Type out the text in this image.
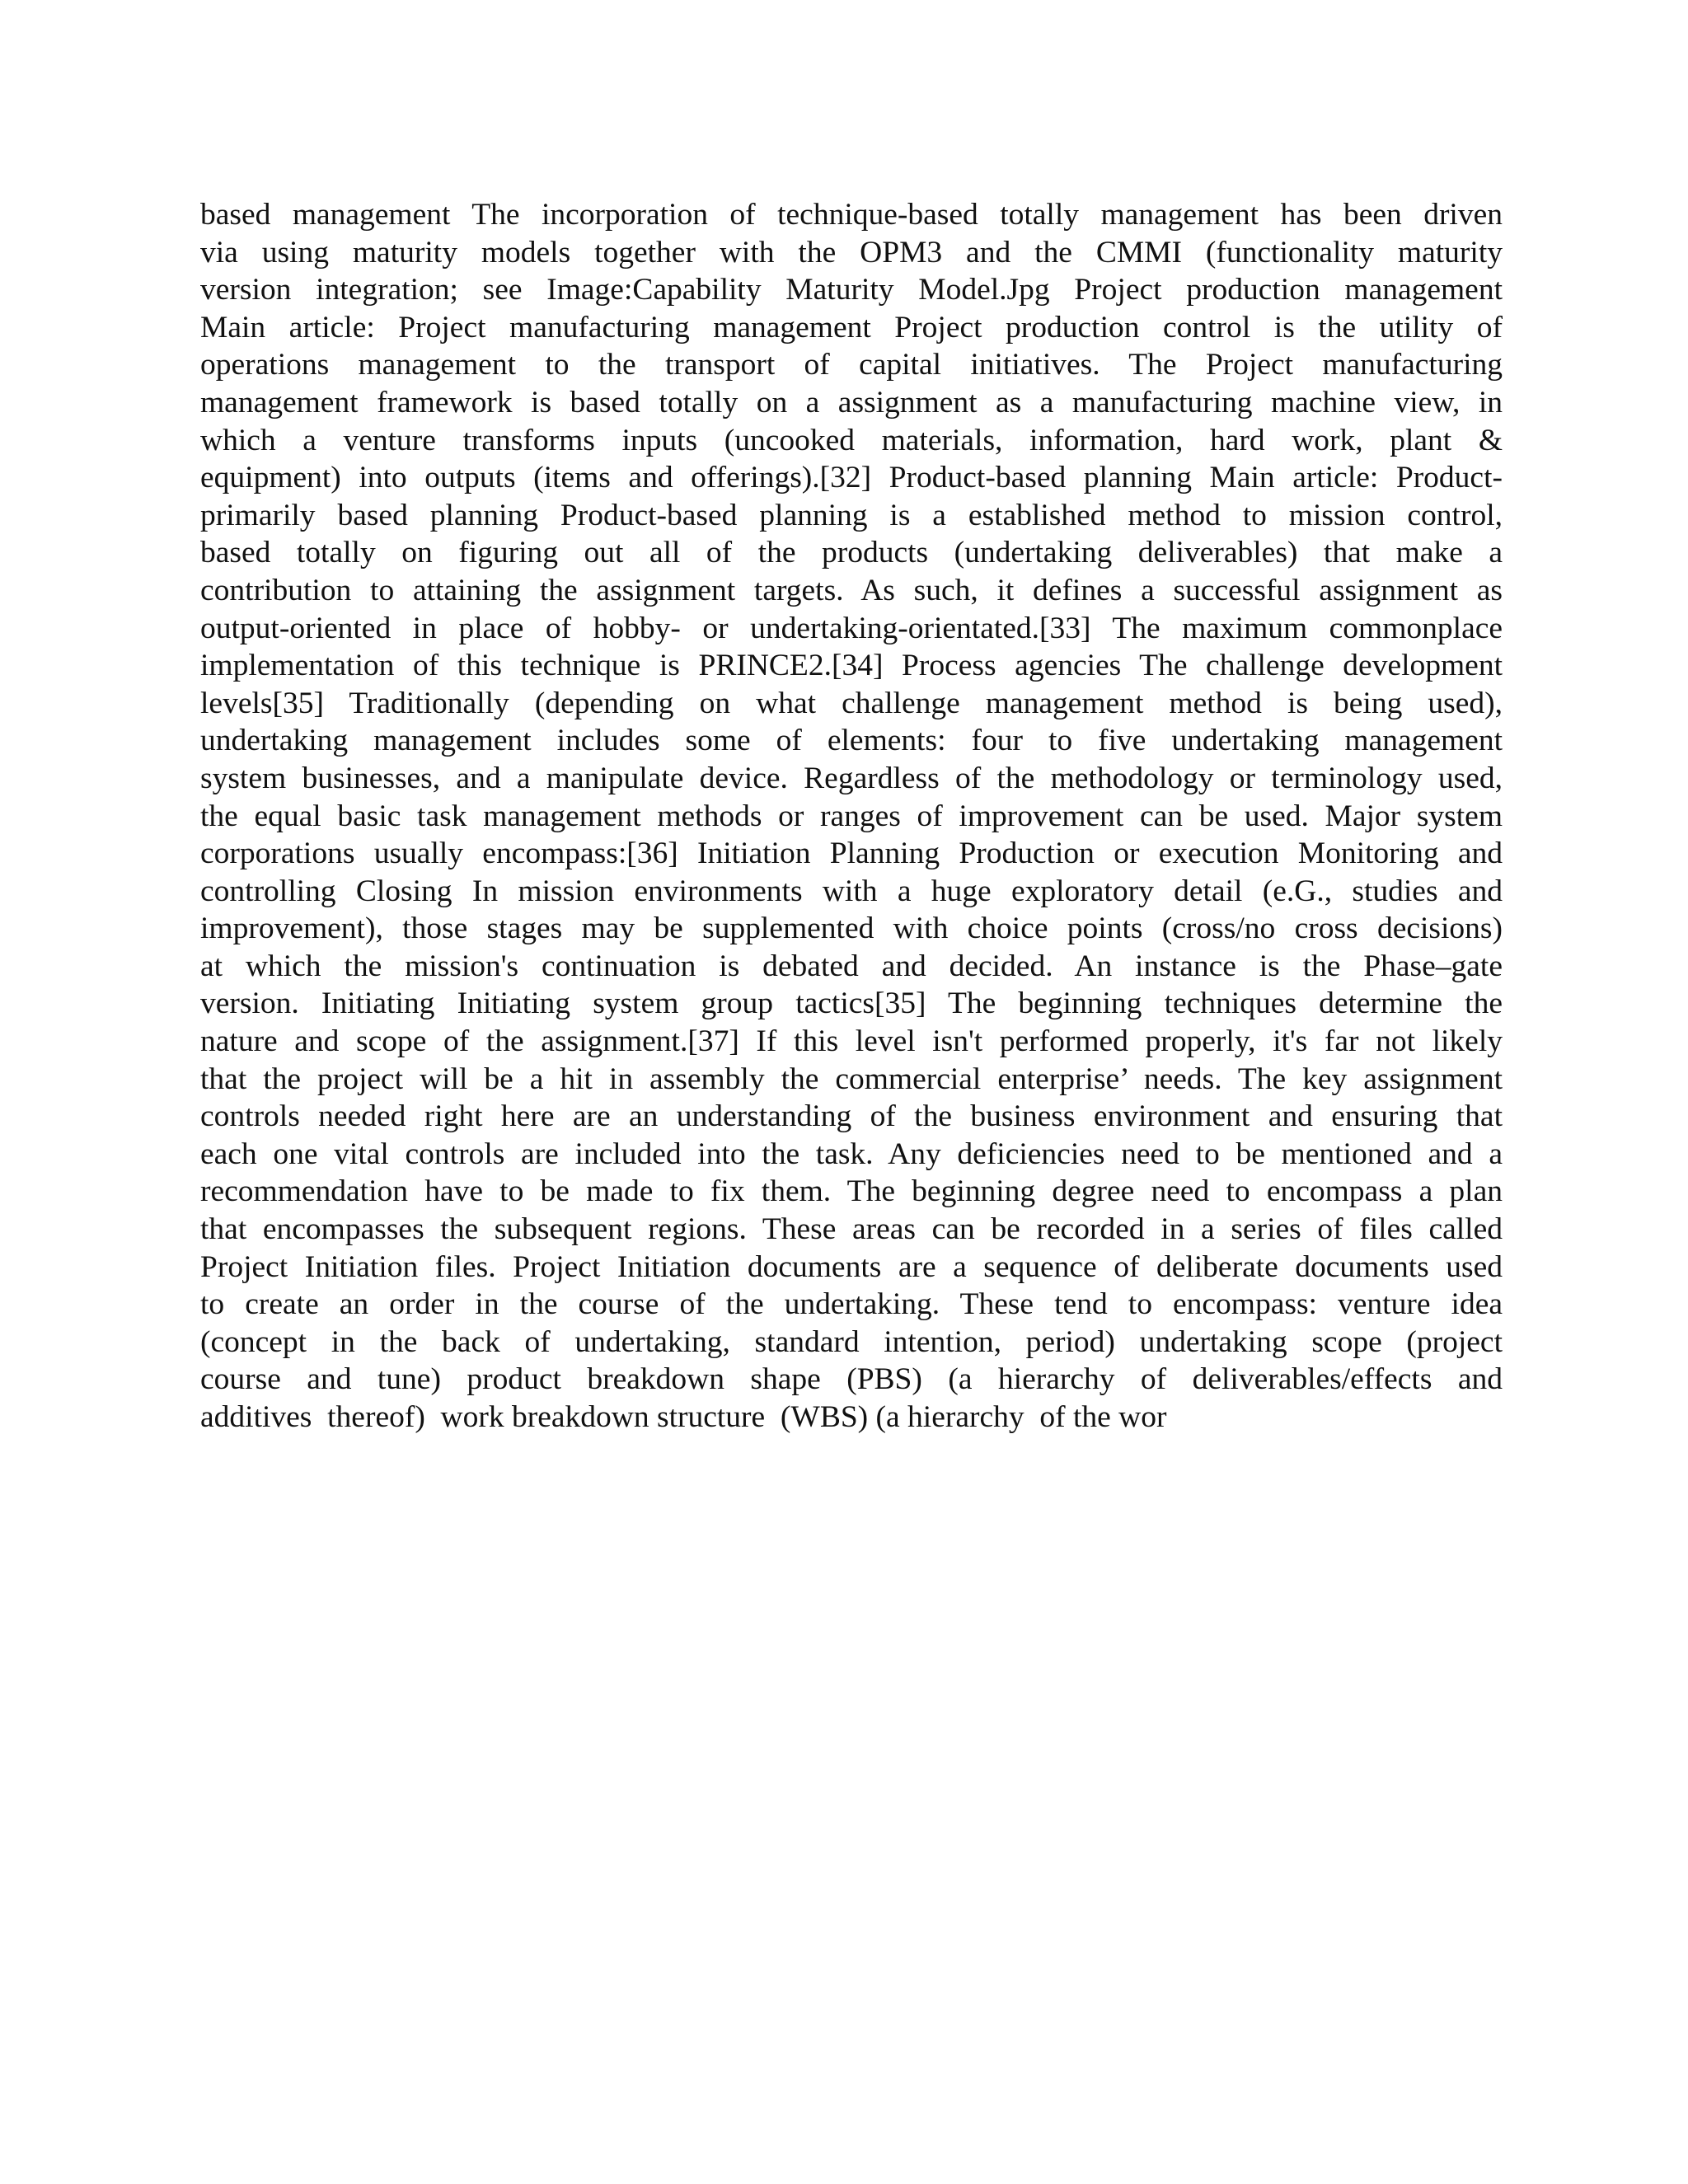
based management The incorporation of technique-based totally management has been driven
via using maturity models together with the OPM3 and the CMMI (functionality maturity
version integration; see Image:Capability Maturity Model.Jpg Project production management
Main article: Project manufacturing management Project production control is the utility of
operations management to the transport of capital initiatives. The Project manufacturing
management framework is based totally on a assignment as a manufacturing machine view, in
which a venture transforms inputs (uncooked materials, information, hard work, plant &
equipment) into outputs (items and offerings).[32] Product-based planning Main article: Product-
primarily based planning Product-based planning is a established method to mission control,
based totally on figuring out all of the products (undertaking deliverables) that make a
contribution to attaining the assignment targets. As such, it defines a successful assignment as
output-oriented in place of hobby- or undertaking-orientated.[33] The maximum commonplace
implementation of this technique is PRINCE2.[34] Process agencies The challenge development
levels[35] Traditionally (depending on what challenge management method is being used),
undertaking management includes some of elements: four to five undertaking management
system businesses, and a manipulate device. Regardless of the methodology or terminology used,
the equal basic task management methods or ranges of improvement can be used. Major system
corporations usually encompass:[36] Initiation Planning Production or execution Monitoring and
controlling Closing In mission environments with a huge exploratory detail (e.G., studies and
improvement), those stages may be supplemented with choice points (cross/no cross decisions)
at which the mission's continuation is debated and decided. An instance is the Phase–gate
version. Initiating Initiating system group tactics[35] The beginning techniques determine the
nature and scope of the assignment.[37] If this level isn't performed properly, it's far not likely
that the project will be a hit in assembly the commercial enterprise’ needs. The key assignment
controls needed right here are an understanding of the business environment and ensuring that
each one vital controls are included into the task. Any deficiencies need to be mentioned and a
recommendation have to be made to fix them. The beginning degree need to encompass a plan
that encompasses the subsequent regions. These areas can be recorded in a series of files called
Project Initiation files. Project Initiation documents are a sequence of deliberate documents used
to create an order in the course of the undertaking. These tend to encompass: venture idea
(concept in the back of undertaking, standard intention, period) undertaking scope (project
course and tune) product breakdown shape (PBS) (a hierarchy of deliverables/effects and
additives  thereof)  work breakdown structure  (WBS) (a hierarchy  of the wor
